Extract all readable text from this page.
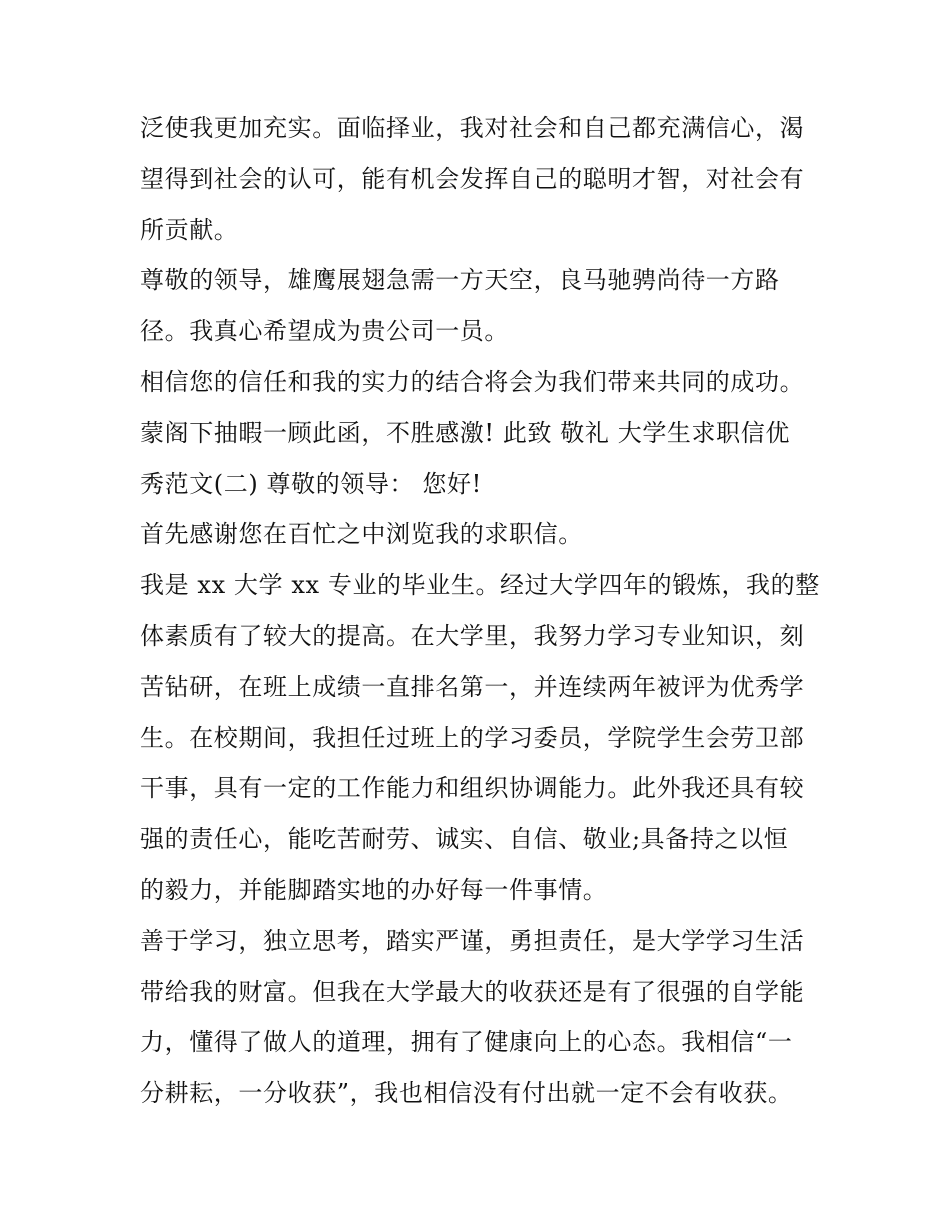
泛使我更加充实。面临择业，我对社会和自己都充满信心，渴
望得到社会的认可，能有机会发挥自己的聪明才智，对社会有
所贡献。
尊敬的领导，雄鹰展翅急需一方天空，良马驰骋尚待一方路
径。我真心希望成为贵公司一员。
相信您的信任和我的实力的结合将会为我们带来共同的成功。
蒙阁下抽暇一顾此函，不胜感激! 此致 敬礼 大学生求职信优
秀范文(二) 尊敬的领导： 您好!
首先感谢您在百忙之中浏览我的求职信。
我是 xx 大学 xx 专业的毕业生。经过大学四年的锻炼，我的整
体素质有了较大的提高。在大学里，我努力学习专业知识，刻
苦钻研，在班上成绩一直排名第一，并连续两年被评为优秀学
生。在校期间，我担任过班上的学习委员，学院学生会劳卫部
干事，具有一定的工作能力和组织协调能力。此外我还具有较
强的责任心，能吃苦耐劳、诚实、自信、敬业;具备持之以恒
的毅力，并能脚踏实地的办好每一件事情。
善于学习，独立思考，踏实严谨，勇担责任，是大学学习生活
带给我的财富。但我在大学最大的收获还是有了很强的自学能
力，懂得了做人的道理，拥有了健康向上的心态。我相信“一
分耕耘，一分收获”，我也相信没有付出就一定不会有收获。
